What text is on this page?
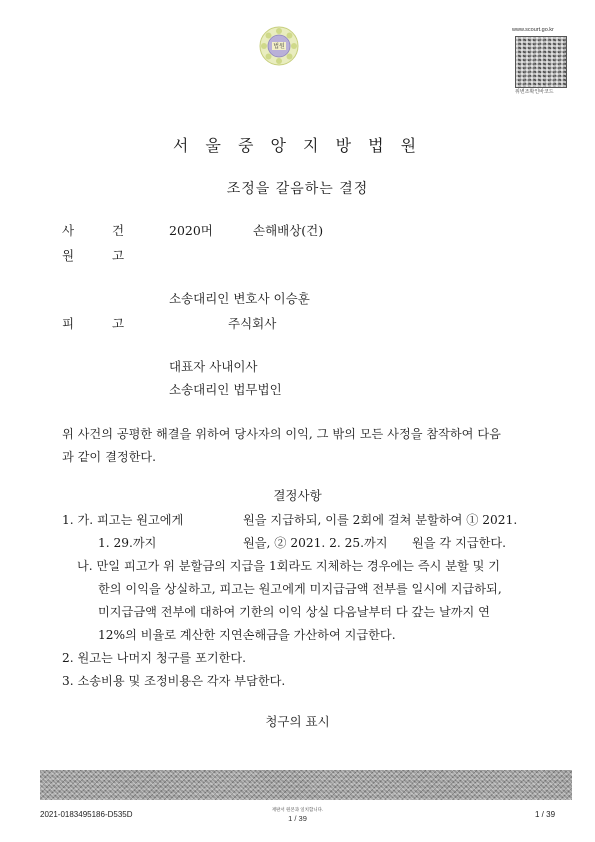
법원
www.scourt.go.kr
위변조확인바코드
서 울 중 앙 지 방 법 원
조정을 갈음하는 결정
사 건	2020머	손해배상(건)
원 고
소송대리인 변호사 이승훈
피 고	주식회사
대표자 사내이사
소송대리인 법무법인
위 사건의 공평한 해결을 위하여 당사자의 이익, 그 밖의 모든 사정을 참작하여 다음
과 같이 결정한다.
결정사항
1. 가. 피고는 원고에게	원을 지급하되, 이를 2회에 걸쳐 분할하여 ① 2021.
1. 29.까지	원을, ② 2021. 2. 25.까지 원을 각 지급한다.
나. 만일 피고가 위 분할금의 지급을 1회라도 지체하는 경우에는 즉시 분할 및 기
한의 이익을 상실하고, 피고는 원고에게 미지급금액 전부를 일시에 지급하되,
미지급금액 전부에 대하여 기한의 이익 상실 다음날부터 다 갚는 날까지 연
12%의 비율로 계산한 지연손해금을 가산하여 지급한다.
2. 원고는 나머지 청구를 포기한다.
3. 소송비용 및 조정비용은 각자 부담한다.
청구의 표시
2021-0183495186-D535D
재판서 원본과 일치합니다.
1 / 39	1 / 39
